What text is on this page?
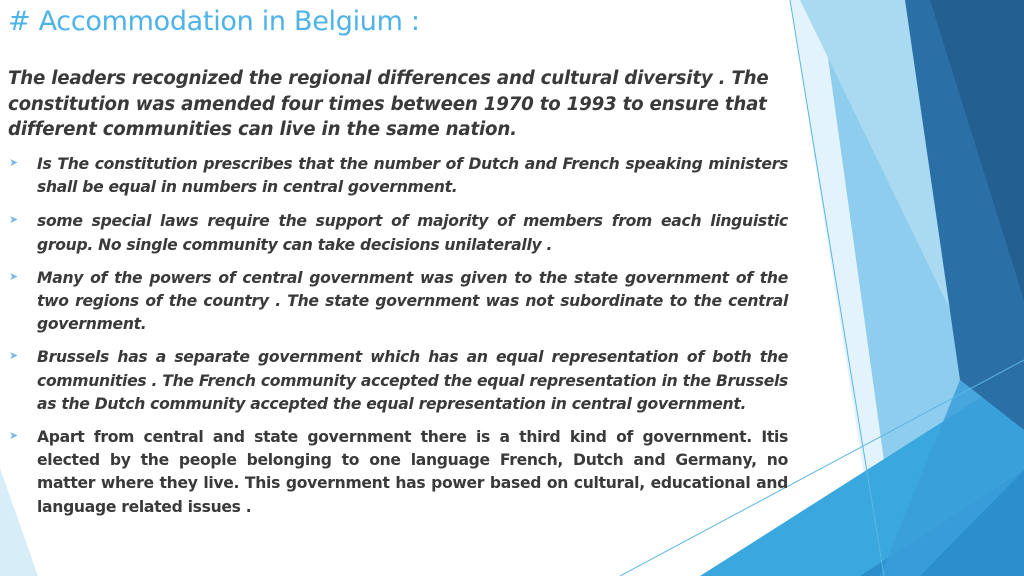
# Accommodation in Belgium :
The leaders recognized the regional differences and cultural diversity . The constitution was amended four times between 1970 to 1993 to ensure that different communities can live in the same nation.
➤ Is The constitution prescribes that the number of Dutch and French speaking ministers shall be equal in numbers in central government.
➤ some special laws require the support of majority of members from each linguistic group. No single community can take decisions unilaterally .
➤ Many of the powers of central government was given to the state government of the two regions of the country . The state government was not subordinate to the central government.
➤ Brussels has a separate government which has an equal representation of both the communities . The French community accepted the equal representation in the Brussels as the Dutch community accepted the equal representation in central government.
➤ Apart from central and state government there is a third kind of government. Itis elected by the people belonging to one language French, Dutch and Germany, no matter where they live. This government has power based on cultural, educational and language related issues .
